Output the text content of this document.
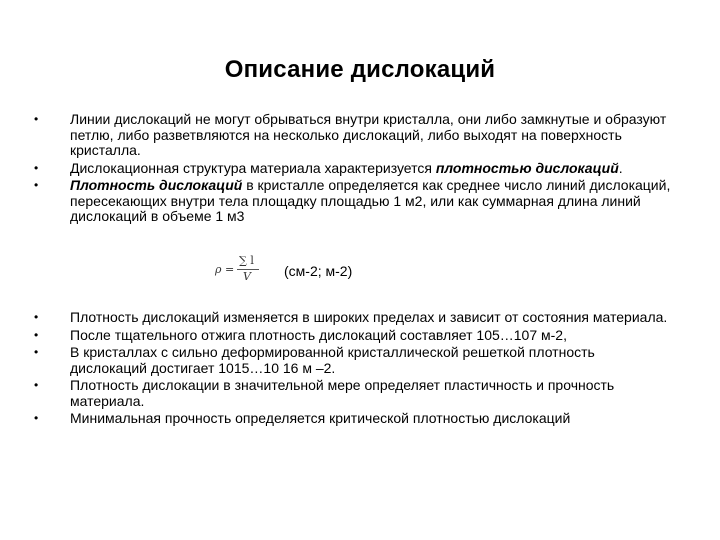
Описание дислокаций
•	Линии дислокаций не могут обрываться внутри кристалла, они либо замкнутые и образуют петлю, либо разветвляются на несколько дислокаций, либо выходят на поверхность кристалла.
•	Дислокационная структура материала характеризуется плотностью дислокаций.
•	Плотность дислокаций в кристалле определяется как среднее число линий дислокаций, пересекающих внутри тела площадку площадью 1 м2, или как суммарная длина линий дислокаций в объеме 1 м3
ρ =
∑ l
V (см-2; м-2)
•	Плотность дислокаций изменяется в широких пределах и зависит от состояния материала.
•	После тщательного отжига плотность дислокаций составляет 105…107 м-2,
•	В кристаллах с сильно деформированной кристаллической решеткой плотность дислокаций достигает 1015…10 16 м –2.
•	Плотность дислокации в значительной мере определяет пластичность и прочность материала.
•	Минимальная прочность определяется критической плотностью дислокаций
